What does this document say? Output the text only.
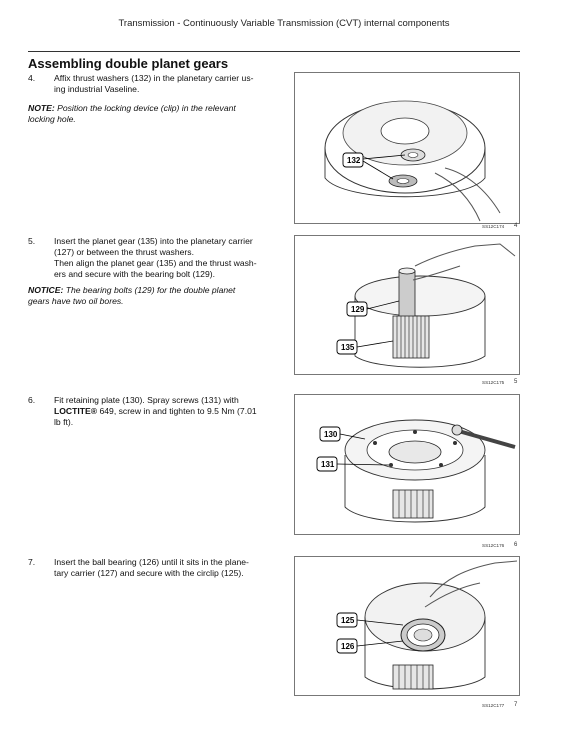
Transmission - Continuously Variable Transmission (CVT) internal components
Assembling double planet gears
4. Affix thrust washers (132) in the planetary carrier us-
ing industrial Vaseline.
NOTE: Position the locking device (clip) in the relevant
locking hole.
132
SS12C174 4
5. Insert the planet gear (135) into the planetary carrier
(127) or between the thrust washers.
Then align the planet gear (135) and the thrust wash-
ers and secure with the bearing bolt (129).
NOTICE: The bearing bolts (129) for the double planet
gears have two oil bores.
129
135
SS12C175 5
6. Fit retaining plate (130). Spray screws (131) with
LOCTITE® 649, screw in and tighten to 9.5 Nm (7.01
lb ft).
130
131
SS12C176 6
7. Insert the ball bearing (126) until it sits in the plane-
tary carrier (127) and secure with the circlip (125).
125
126
SS12C177 7
